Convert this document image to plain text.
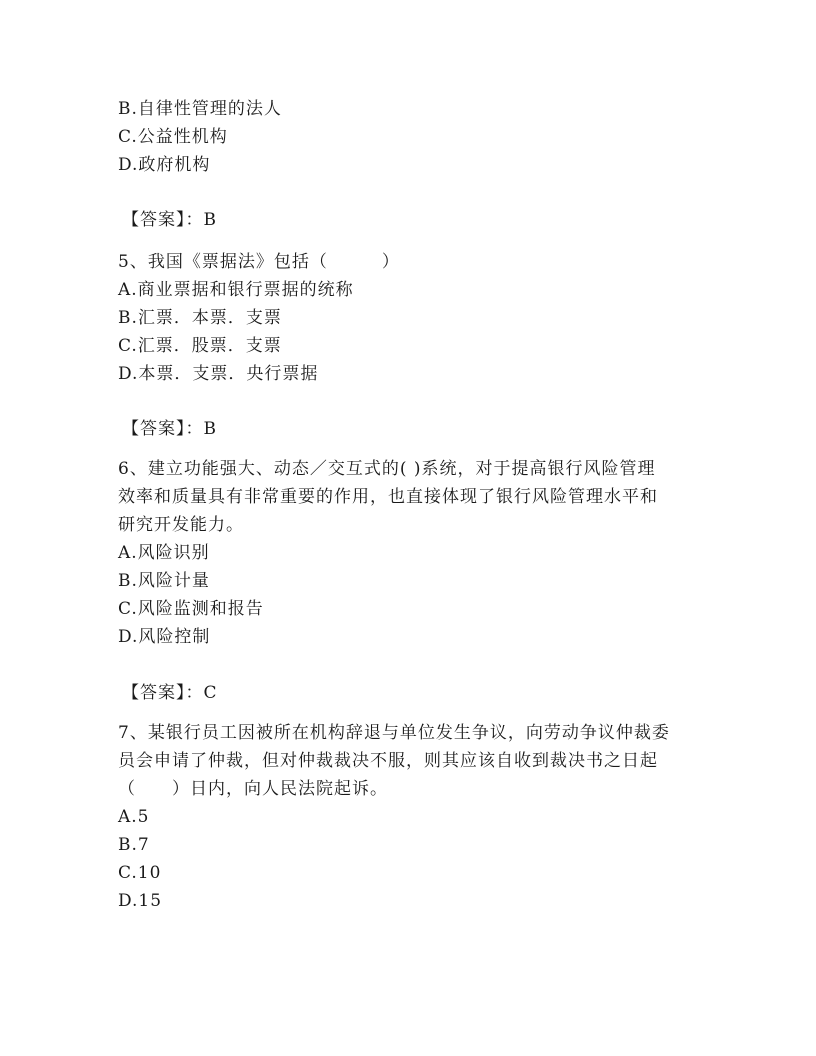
B.自律性管理的法人
C.公益性机构
D.政府机构
【答案】：B
5、我国《票据法》包括（　　　）
A.商业票据和银行票据的统称
B.汇票．本票．支票
C.汇票．股票．支票
D.本票．支票．央行票据
【答案】：B
6、建立功能强大、动态／交互式的( )系统，对于提高银行风险管理
效率和质量具有非常重要的作用，也直接体现了银行风险管理水平和
研究开发能力。
A.风险识别
B.风险计量
C.风险监测和报告
D.风险控制
【答案】：C
7、某银行员工因被所在机构辞退与单位发生争议，向劳动争议仲裁委
员会申请了仲裁，但对仲裁裁决不服，则其应该自收到裁决书之日起
（　　）日内，向人民法院起诉。
A.5
B.7
C.10
D.15
